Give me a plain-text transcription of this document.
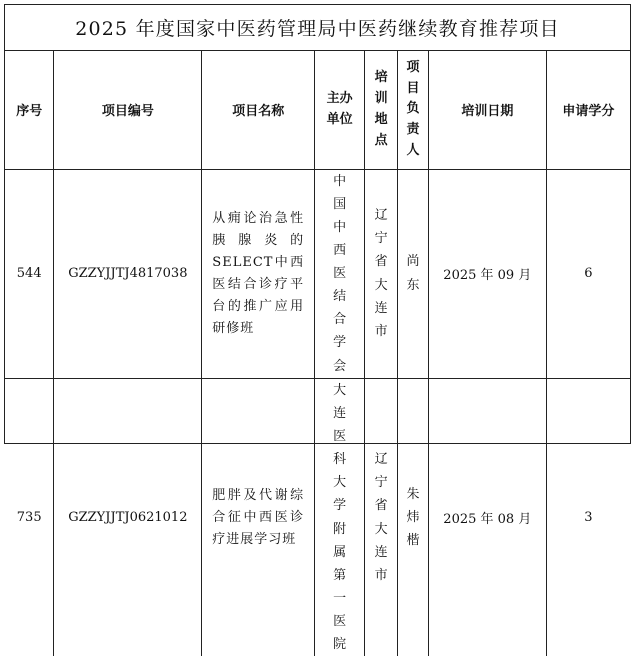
2025 年度国家中医药管理局中医药继续教育推荐项目
序号	项目编号	项目名称	主办单位	培训地点	项目负责人	培训日期	申请学分
544	GZZYJJTJ4817038	从痈论治急性胰腺炎的SELECT中西医结合诊疗平台的推广应用研修班	中国中西医结合学会	辽宁省大连市	尚东	2025 年 09 月	6
735	GZZYJJTJ0621012	肥胖及代谢综合征中西医诊疗进展学习班	大连医科大学附属第一医院	辽宁省大连市	朱炜楷	2025 年 08 月	3
